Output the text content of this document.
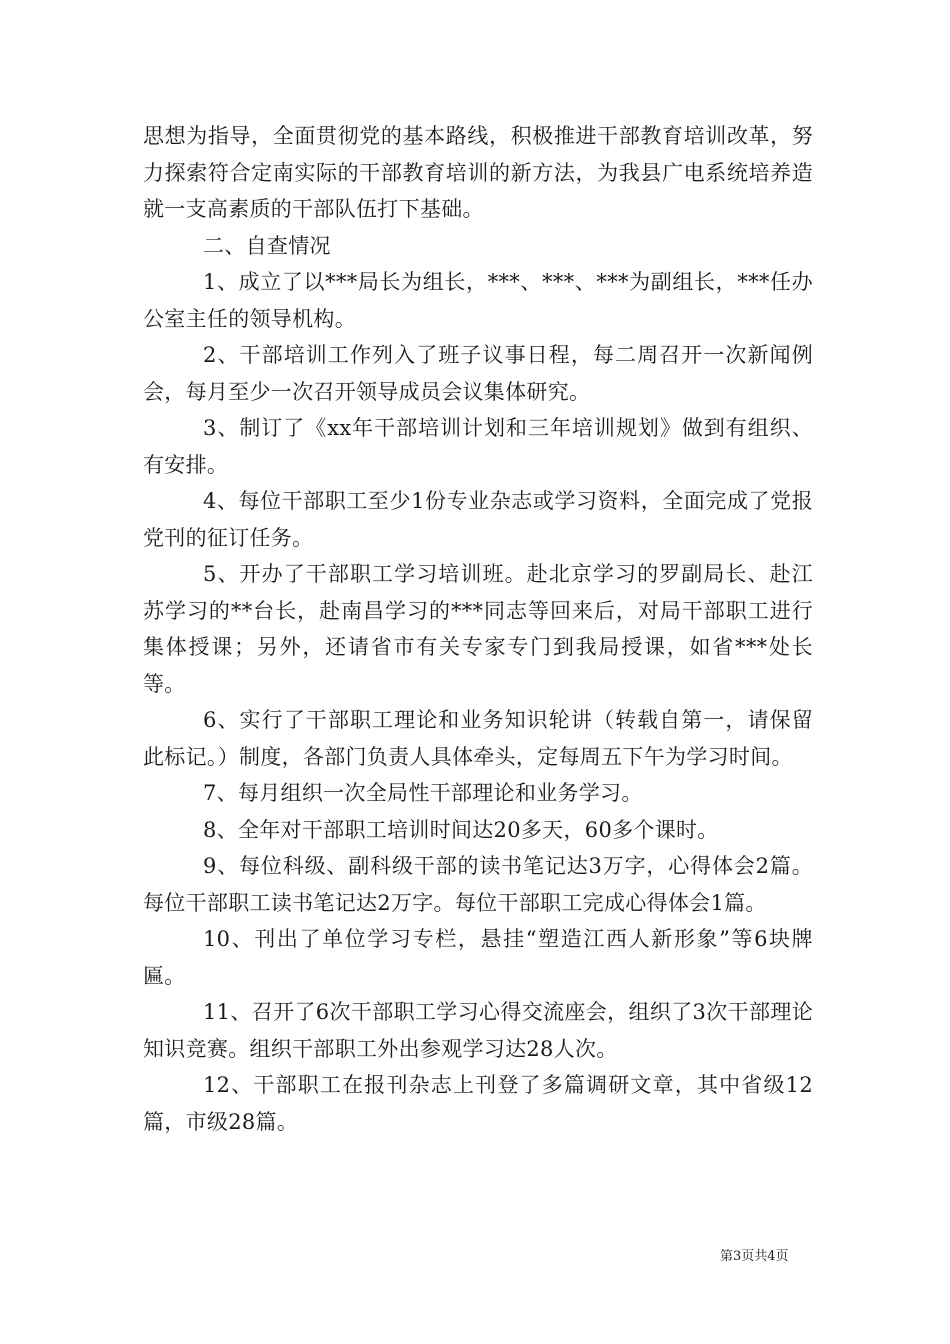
思想为指导，全面贯彻党的基本路线，积极推进干部教育培训改革，努力探索符合定南实际的干部教育培训的新方法，为我县广电系统培养造就一支高素质的干部队伍打下基础。

二、自查情况

1、成立了以***局长为组长，***、***、***为副组长，***任办公室主任的领导机构。

2、干部培训工作列入了班子议事日程，每二周召开一次新闻例会，每月至少一次召开领导成员会议集体研究。

3、制订了《xx年干部培训计划和三年培训规划》做到有组织、有安排。

4、每位干部职工至少1份专业杂志或学习资料，全面完成了党报党刊的征订任务。

5、开办了干部职工学习培训班。赴北京学习的罗副局长、赴江苏学习的**台长，赴南昌学习的***同志等回来后，对局干部职工进行集体授课；另外，还请省市有关专家专门到我局授课，如省***处长等。

6、实行了干部职工理论和业务知识轮讲（转载自第一，请保留此标记。）制度，各部门负责人具体牵头，定每周五下午为学习时间。

7、每月组织一次全局性干部理论和业务学习。

8、全年对干部职工培训时间达20多天，60多个课时。

9、每位科级、副科级干部的读书笔记达3万字，心得体会2篇。每位干部职工读书笔记达2万字。每位干部职工完成心得体会1篇。

10、刊出了单位学习专栏，悬挂“塑造江西人新形象”等6块牌匾。

11、召开了6次干部职工学习心得交流座会，组织了3次干部理论知识竞赛。组织干部职工外出参观学习达28人次。

12、干部职工在报刊杂志上刊登了多篇调研文章，其中省级12篇，市级28篇。

第3页共4页
